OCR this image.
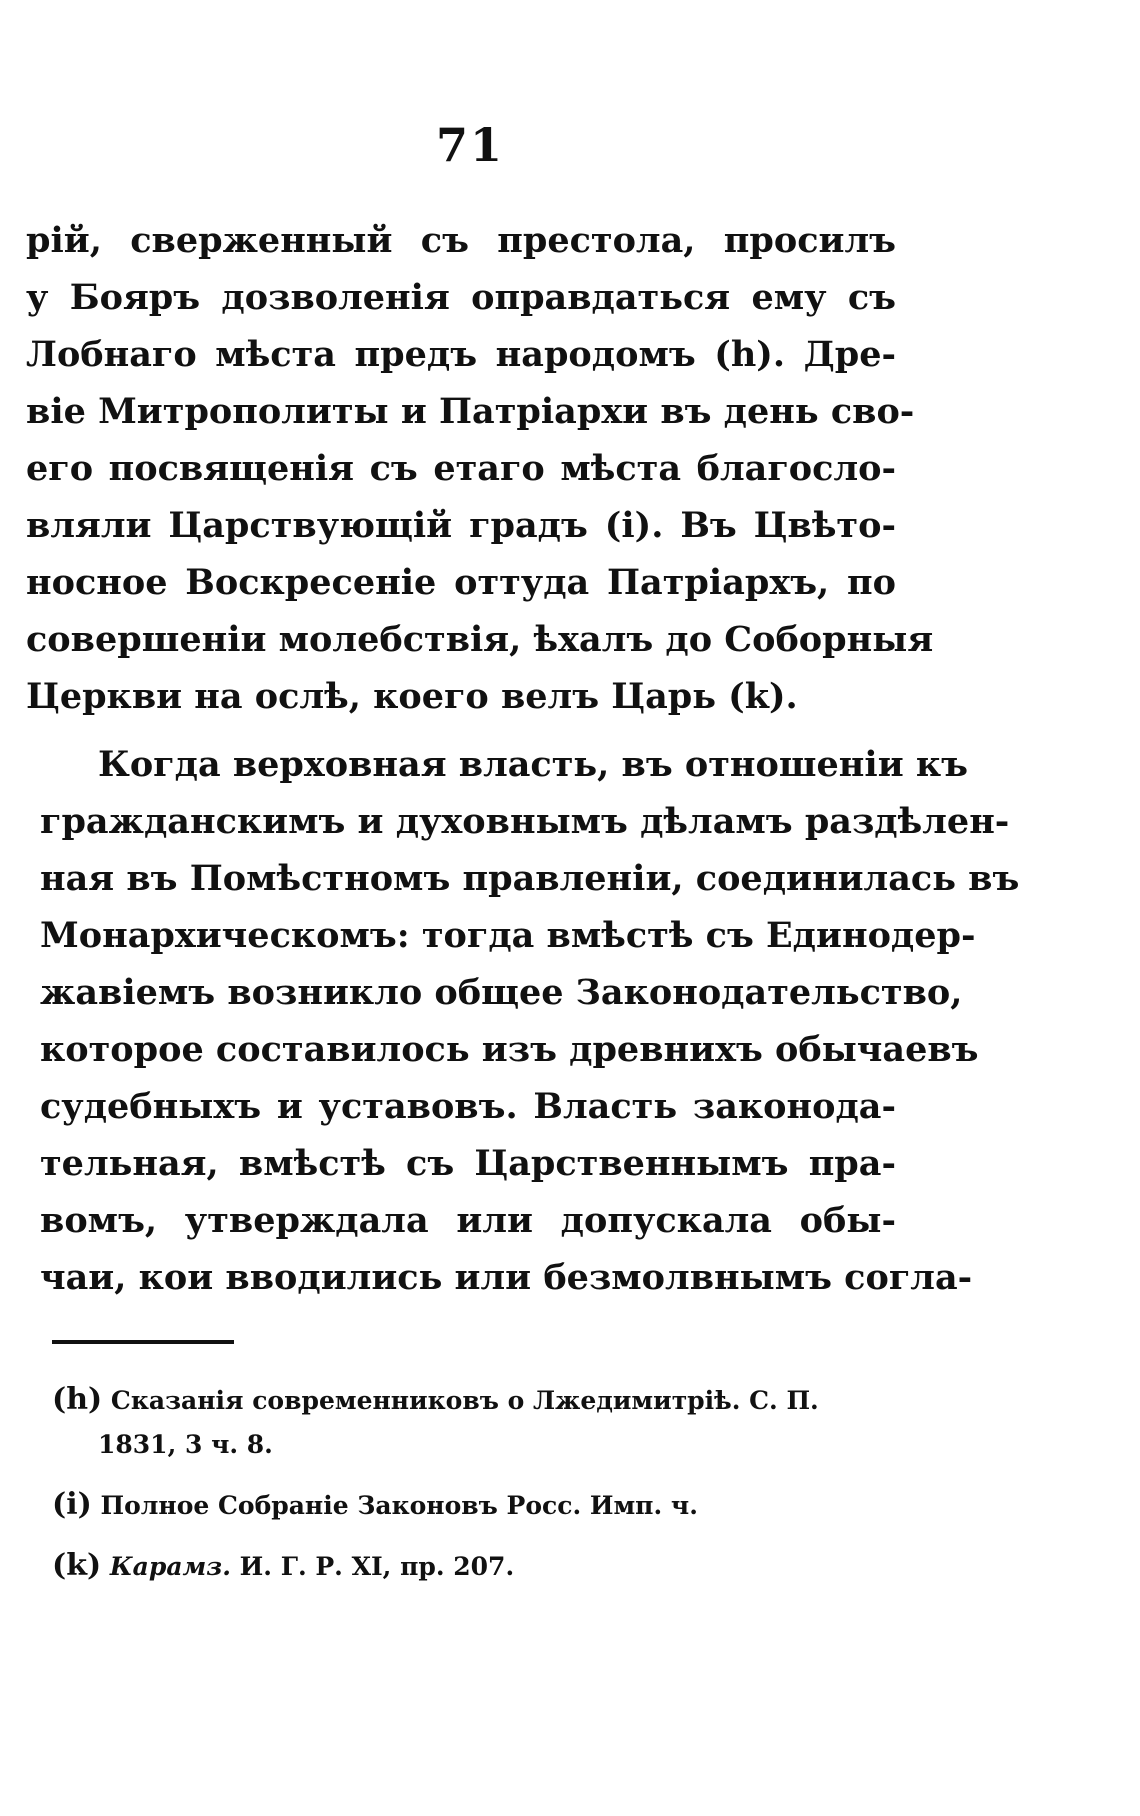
71
рій, сверженный съ престола, просилъ
у Бояръ дозволенія оправдаться ему съ
Лобнаго мѣста предъ народомъ (h). Дре-
віе Митрополиты и Патріархи въ день сво-
его посвященія съ етаго мѣста благосло-
вляли Царствующій градъ (i). Въ Цвѣто-
носное Воскресеніе оттуда Патріархъ, по
совершеніи молебствія, ѣхалъ до Соборныя
Церкви на ослѣ, коего велъ Царь (k).
Когда верховная власть, въ отношеніи къ
гражданскимъ и духовнымъ дѣламъ раздѣлен-
ная въ Помѣстномъ правленіи, соединилась въ
Монархическомъ: тогда вмѣстѣ съ Единодер-
жавіемъ возникло общее Законодательство,
которое составилось изъ древнихъ обычаевъ
судебныхъ и уставовъ. Власть законода-
тельная, вмѣстѣ съ Царственнымъ пра-
вомъ, утверждала или допускала обы-
чаи, кои вводились или безмолвнымъ согла-
(h) Сказанія современниковъ о Лжедимитріѣ. С. П.
1831, 3 ч. 8.
(i) Полное Собраніе Законовъ Росс. Имп. ч.
(k) Карамз. И. Г. Р. XI, пр. 207.
